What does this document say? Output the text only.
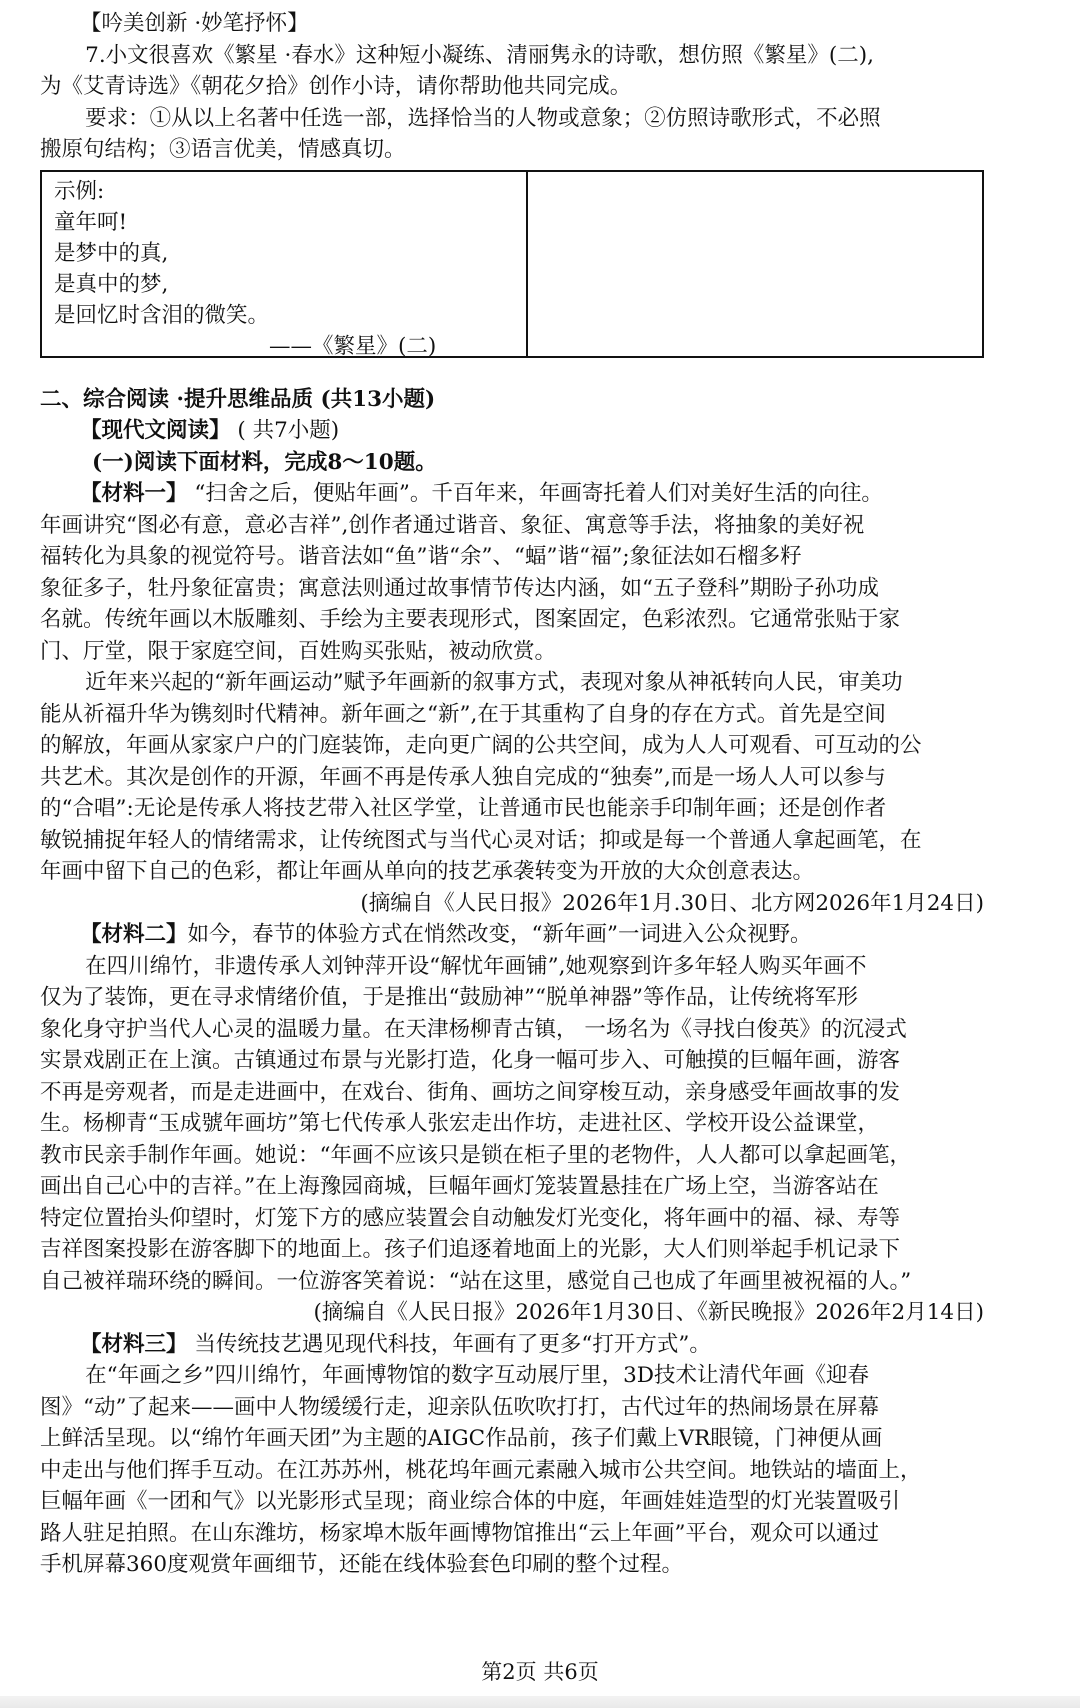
【吟美创新 ·妙笔抒怀】
7.小文很喜欢《繁星 ·春水》这种短小凝练、清丽隽永的诗歌，想仿照《繁星》(二),
为《艾青诗选》《朝花夕拾》创作小诗，请你帮助他共同完成。
要求：①从以上名著中任选一部，选择恰当的人物或意象；②仿照诗歌形式，不必照
搬原句结构；③语言优美，情感真切。
示例:
童年呵!
是梦中的真,
是真中的梦,
是回忆时含泪的微笑。
——《繁星》(二)
二、综合阅读 ·提升思维品质 (共13小题)
【现代文阅读】 ( 共7小题)
(一)阅读下面材料，完成8～10题。
【材料一】 “扫舍之后，便贴年画”。千百年来，年画寄托着人们对美好生活的向往。
年画讲究“图必有意，意必吉祥”,创作者通过谐音、象征、寓意等手法，将抽象的美好祝
福转化为具象的视觉符号。谐音法如“鱼”谐“余”、“蝠”谐“福”;象征法如石榴多籽
象征多子，牡丹象征富贵；寓意法则通过故事情节传达内涵，如“五子登科”期盼子孙功成
名就。传统年画以木版雕刻、手绘为主要表现形式，图案固定，色彩浓烈。它通常张贴于家
门、厅堂，限于家庭空间，百姓购买张贴，被动欣赏。
近年来兴起的“新年画运动”赋予年画新的叙事方式，表现对象从神祇转向人民，审美功
能从祈福升华为镌刻时代精神。新年画之“新”,在于其重构了自身的存在方式。首先是空间
的解放，年画从家家户户的门庭装饰，走向更广阔的公共空间，成为人人可观看、可互动的公
共艺术。其次是创作的开源，年画不再是传承人独自完成的“独奏”,而是一场人人可以参与
的“合唱”:无论是传承人将技艺带入社区学堂，让普通市民也能亲手印制年画；还是创作者
敏锐捕捉年轻人的情绪需求，让传统图式与当代心灵对话；抑或是每一个普通人拿起画笔，在
年画中留下自己的色彩，都让年画从单向的技艺承袭转变为开放的大众创意表达。
(摘编自《人民日报》2026年1月.30日、北方网2026年1月24日)
【材料二】如今，春节的体验方式在悄然改变，“新年画”一词进入公众视野。
在四川绵竹，非遗传承人刘钟萍开设“解忧年画铺”,她观察到许多年轻人购买年画不
仅为了装饰，更在寻求情绪价值，于是推出“鼓励神”“脱单神器”等作品，让传统将军形
象化身守护当代人心灵的温暖力量。在天津杨柳青古镇， 一场名为《寻找白俊英》的沉浸式
实景戏剧正在上演。古镇通过布景与光影打造，化身一幅可步入、可触摸的巨幅年画，游客
不再是旁观者，而是走进画中，在戏台、街角、画坊之间穿梭互动，亲身感受年画故事的发
生。杨柳青“玉成號年画坊”第七代传承人张宏走出作坊，走进社区、学校开设公益课堂，
教市民亲手制作年画。她说：“年画不应该只是锁在柜子里的老物件，人人都可以拿起画笔，
画出自己心中的吉祥。”在上海豫园商城，巨幅年画灯笼装置悬挂在广场上空，当游客站在
特定位置抬头仰望时，灯笼下方的感应装置会自动触发灯光变化，将年画中的福、禄、寿等
吉祥图案投影在游客脚下的地面上。孩子们追逐着地面上的光影，大人们则举起手机记录下
自己被祥瑞环绕的瞬间。一位游客笑着说：“站在这里，感觉自己也成了年画里被祝福的人。”
(摘编自《人民日报》2026年1月30日、《新民晚报》2026年2月14日)
【材料三】 当传统技艺遇见现代科技，年画有了更多“打开方式”。
在“年画之乡”四川绵竹，年画博物馆的数字互动展厅里，3D技术让清代年画《迎春
图》“动”了起来——画中人物缓缓行走，迎亲队伍吹吹打打，古代过年的热闹场景在屏幕
上鲜活呈现。以“绵竹年画天团”为主题的AIGC作品前，孩子们戴上VR眼镜，门神便从画
中走出与他们挥手互动。在江苏苏州，桃花坞年画元素融入城市公共空间。地铁站的墙面上，
巨幅年画《一团和气》以光影形式呈现；商业综合体的中庭，年画娃娃造型的灯光装置吸引
路人驻足拍照。在山东潍坊，杨家埠木版年画博物馆推出“云上年画”平台，观众可以通过
手机屏幕360度观赏年画细节，还能在线体验套色印刷的整个过程。
第2页 共6页
